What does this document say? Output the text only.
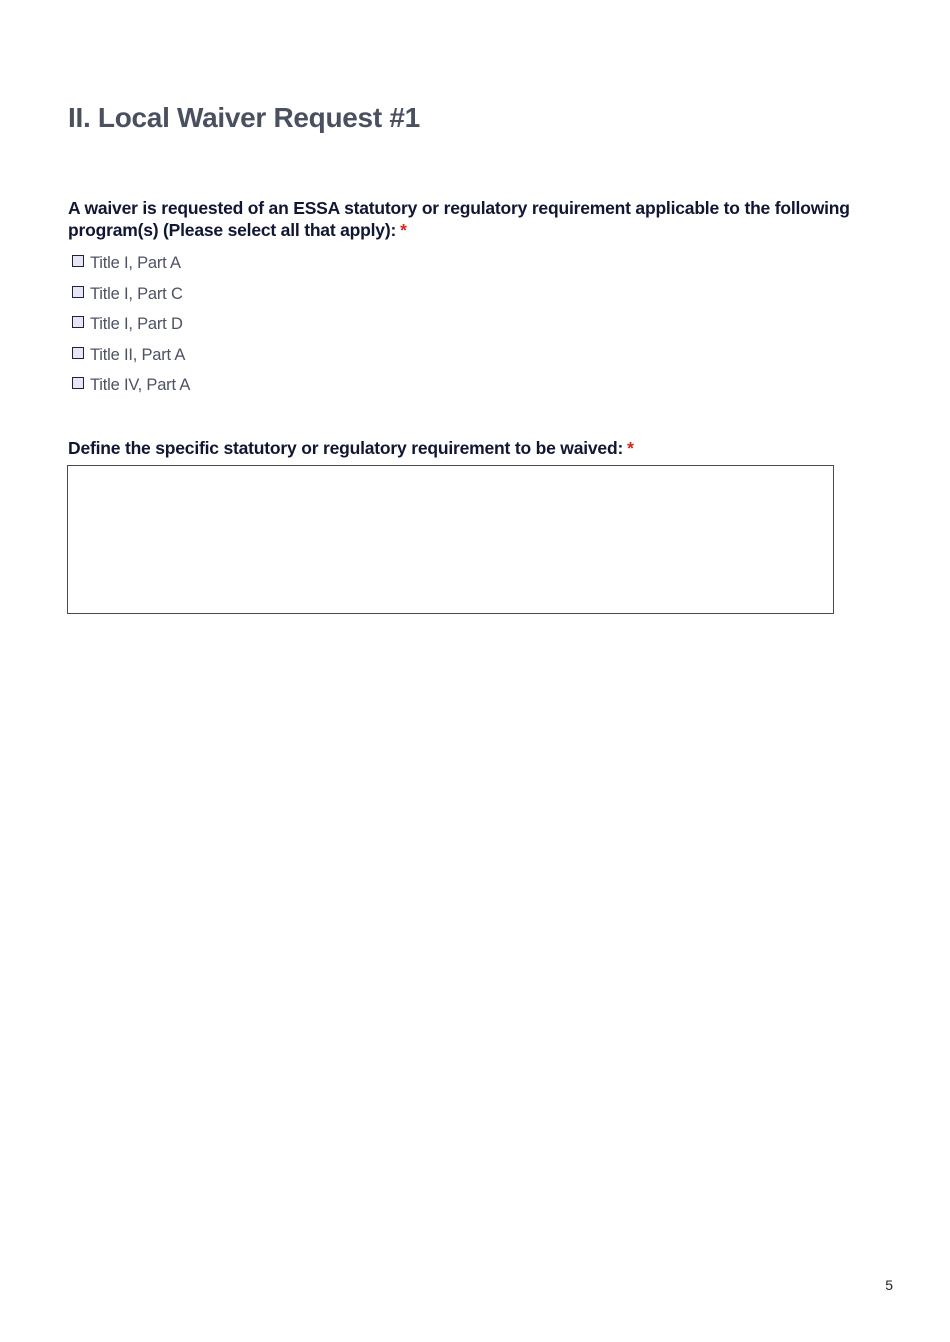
II. Local Waiver Request #1

A waiver is requested of an ESSA statutory or regulatory requirement applicable to the following program(s) (Please select all that apply): *

Title I, Part A
Title I, Part C
Title I, Part D
Title II, Part A
Title IV, Part A

Define the specific statutory or regulatory requirement to be waived: *

5
